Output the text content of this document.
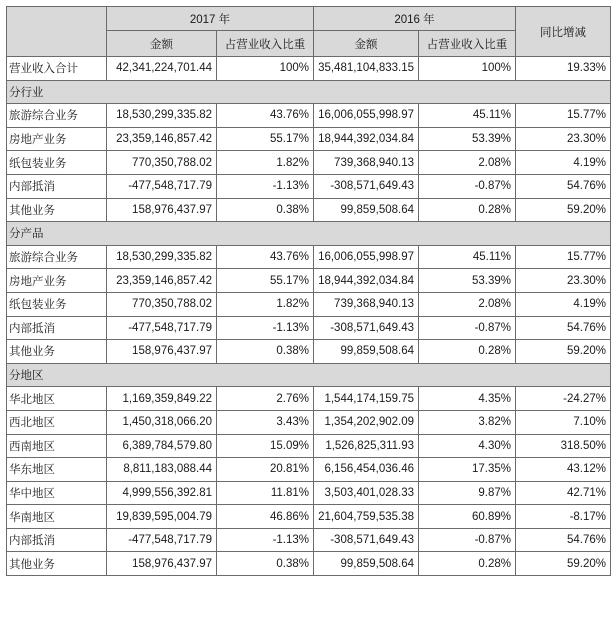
	2017 年		2016 年		同比增减
	金额	占营业收入比重	金额	占营业收入比重	
营业收入合计	42,341,224,701.44	100%	35,481,104,833.15	100%	19.33%
分行业					
旅游综合业务	18,530,299,335.82	43.76%	16,006,055,998.97	45.11%	15.77%
房地产业务	23,359,146,857.42	55.17%	18,944,392,034.84	53.39%	23.30%
纸包装业务	770,350,788.02	1.82%	739,368,940.13	2.08%	4.19%
内部抵消	-477,548,717.79	-1.13%	-308,571,649.43	-0.87%	54.76%
其他业务	158,976,437.97	0.38%	99,859,508.64	0.28%	59.20%
分产品					
旅游综合业务	18,530,299,335.82	43.76%	16,006,055,998.97	45.11%	15.77%
房地产业务	23,359,146,857.42	55.17%	18,944,392,034.84	53.39%	23.30%
纸包装业务	770,350,788.02	1.82%	739,368,940.13	2.08%	4.19%
内部抵消	-477,548,717.79	-1.13%	-308,571,649.43	-0.87%	54.76%
其他业务	158,976,437.97	0.38%	99,859,508.64	0.28%	59.20%
分地区					
华北地区	1,169,359,849.22	2.76%	1,544,174,159.75	4.35%	-24.27%
西北地区	1,450,318,066.20	3.43%	1,354,202,902.09	3.82%	7.10%
西南地区	6,389,784,579.80	15.09%	1,526,825,311.93	4.30%	318.50%
华东地区	8,811,183,088.44	20.81%	6,156,454,036.46	17.35%	43.12%
华中地区	4,999,556,392.81	11.81%	3,503,401,028.33	9.87%	42.71%
华南地区	19,839,595,004.79	46.86%	21,604,759,535.38	60.89%	-8.17%
内部抵消	-477,548,717.79	-1.13%	-308,571,649.43	-0.87%	54.76%
其他业务	158,976,437.97	0.38%	99,859,508.64	0.28%	59.20%
